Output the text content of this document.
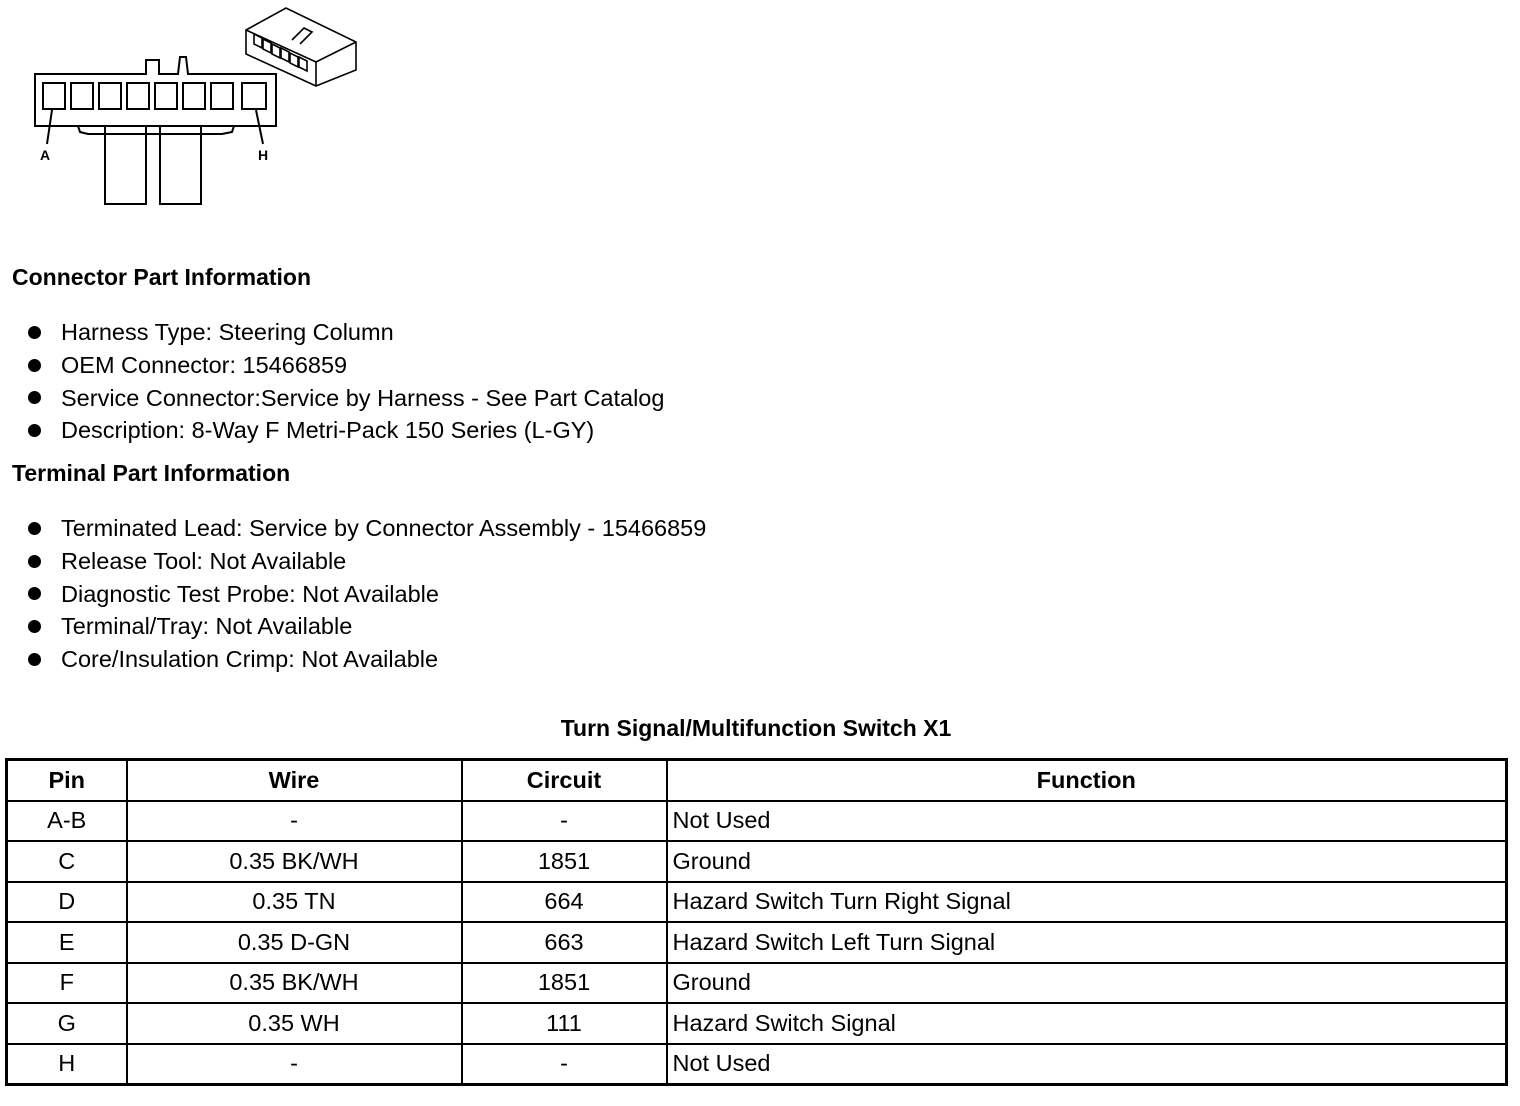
A	H
Connector Part Information
Harness Type: Steering Column
OEM Connector: 15466859
Service Connector:Service by Harness - See Part Catalog
Description: 8-Way F Metri-Pack 150 Series (L-GY)
Terminal Part Information
Terminated Lead: Service by Connector Assembly - 15466859
Release Tool: Not Available
Diagnostic Test Probe: Not Available
Terminal/Tray: Not Available
Core/Insulation Crimp: Not Available
Turn Signal/Multifunction Switch X1
Pin	Wire	Circuit	Function
A-B	-	-	Not Used
C	0.35 BK/WH	1851	Ground
D	0.35 TN	664	Hazard Switch Turn Right Signal
E	0.35 D-GN	663	Hazard Switch Left Turn Signal
F	0.35 BK/WH	1851	Ground
G	0.35 WH	111	Hazard Switch Signal
H	-	-	Not Used
